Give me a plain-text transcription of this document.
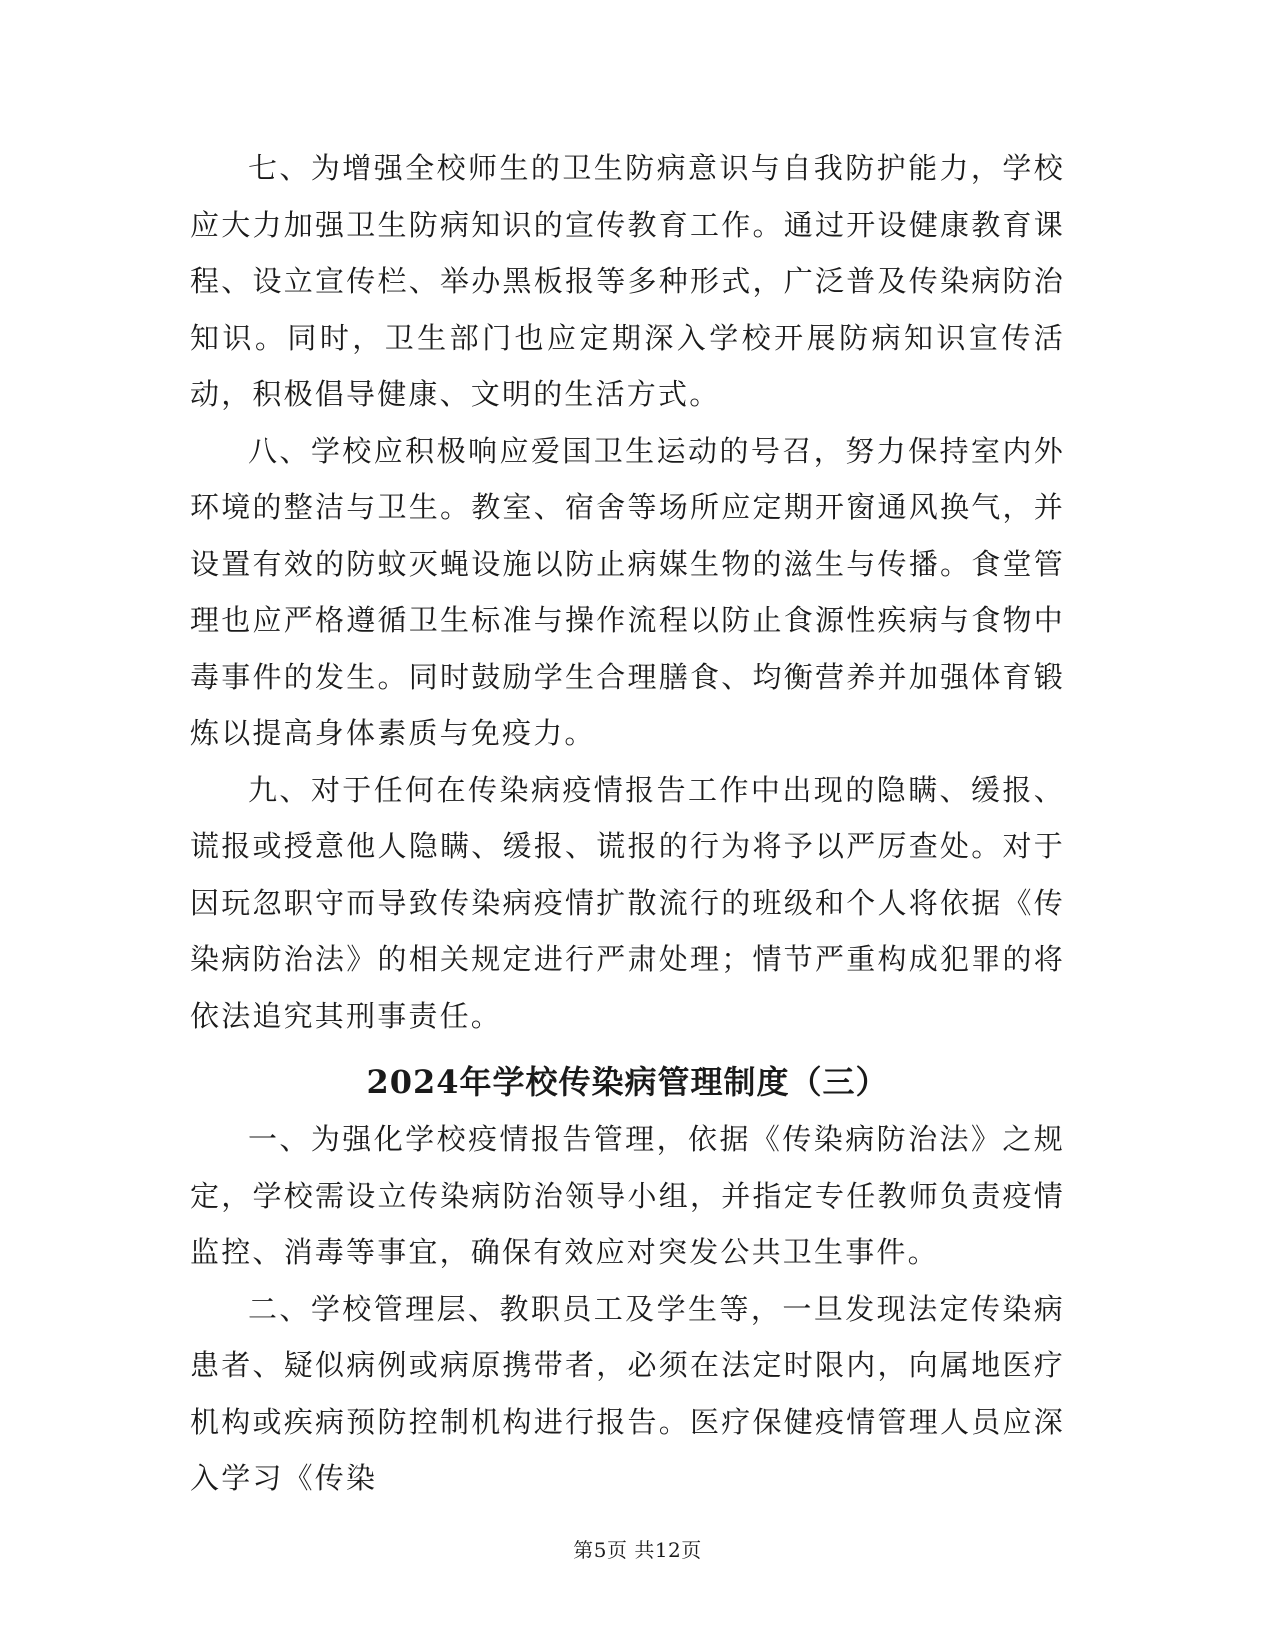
七、为增强全校师生的卫生防病意识与自我防护能力，学校应大力加强卫生防病知识的宣传教育工作。通过开设健康教育课程、设立宣传栏、举办黑板报等多种形式，广泛普及传染病防治知识。同时，卫生部门也应定期深入学校开展防病知识宣传活动，积极倡导健康、文明的生活方式。

八、学校应积极响应爱国卫生运动的号召，努力保持室内外环境的整洁与卫生。教室、宿舍等场所应定期开窗通风换气，并设置有效的防蚊灭蝇设施以防止病媒生物的滋生与传播。食堂管理也应严格遵循卫生标准与操作流程以防止食源性疾病与食物中毒事件的发生。同时鼓励学生合理膳食、均衡营养并加强体育锻炼以提高身体素质与免疫力。

九、对于任何在传染病疫情报告工作中出现的隐瞒、缓报、谎报或授意他人隐瞒、缓报、谎报的行为将予以严厉查处。对于因玩忽职守而导致传染病疫情扩散流行的班级和个人将依据《传染病防治法》的相关规定进行严肃处理；情节严重构成犯罪的将依法追究其刑事责任。

2024年学校传染病管理制度（三）

一、为强化学校疫情报告管理，依据《传染病防治法》之规定，学校需设立传染病防治领导小组，并指定专任教师负责疫情监控、消毒等事宜，确保有效应对突发公共卫生事件。

二、学校管理层、教职员工及学生等，一旦发现法定传染病患者、疑似病例或病原携带者，必须在法定时限内，向属地医疗机构或疾病预防控制机构进行报告。医疗保健疫情管理人员应深入学习《传染

第5页 共12页
